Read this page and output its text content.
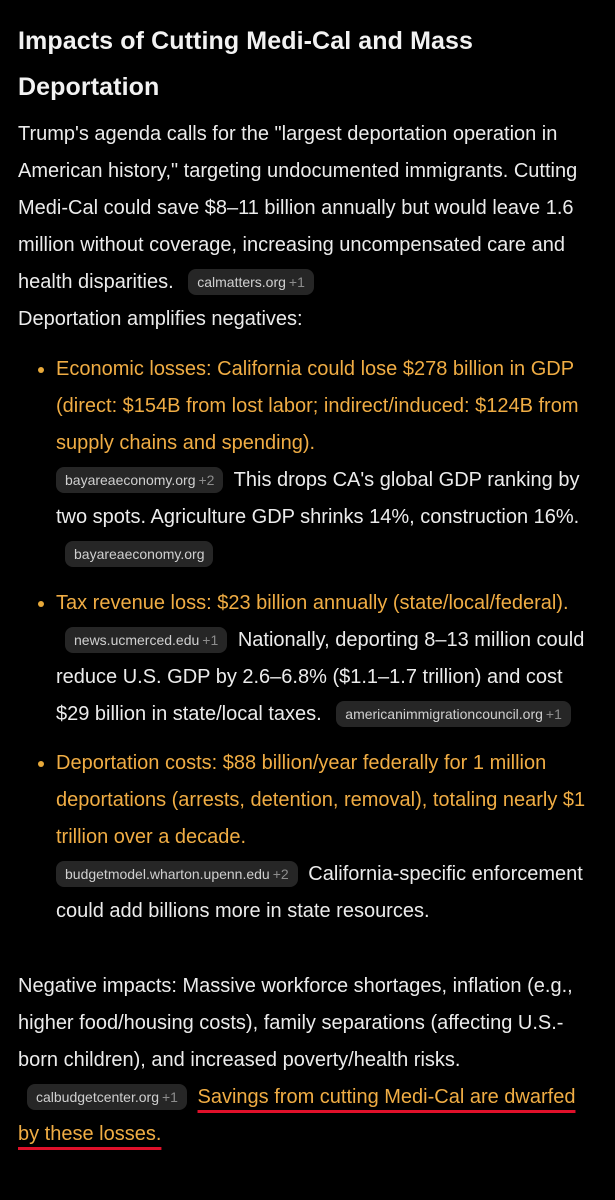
Impacts of Cutting Medi-Cal and Mass Deportation

Trump's agenda calls for the "largest deportation operation in American history," targeting undocumented immigrants. Cutting Medi-Cal could save $8–11 billion annually but would leave 1.6 million without coverage, increasing uncompensated care and health disparities. calmatters.org +1
Deportation amplifies negatives:

Economic losses: California could lose $278 billion in GDP (direct: $154B from lost labor; indirect/induced: $124B from supply chains and spending).
bayareaeconomy.org +2 This drops CA's global GDP ranking by two spots. Agriculture GDP shrinks 14%, construction 16%. bayareaeconomy.org
Tax revenue loss: $23 billion annually (state/local/federal). news.ucmerced.edu +1 Nationally, deporting 8–13 million could reduce U.S. GDP by 2.6–6.8% ($1.1–1.7 trillion) and cost $29 billion in state/local taxes. americanimmigrationcouncil.org +1
Deportation costs: $88 billion/year federally for 1 million deportations (arrests, detention, removal), totaling nearly $1 trillion over a decade.
budgetmodel.wharton.upenn.edu +2 California-specific enforcement could add billions more in state resources.

Negative impacts: Massive workforce shortages, inflation (e.g., higher food/housing costs), family separations (affecting U.S.-born children), and increased poverty/health risks. calbudgetcenter.org +1 Savings from cutting Medi-Cal are dwarfed by these losses.
